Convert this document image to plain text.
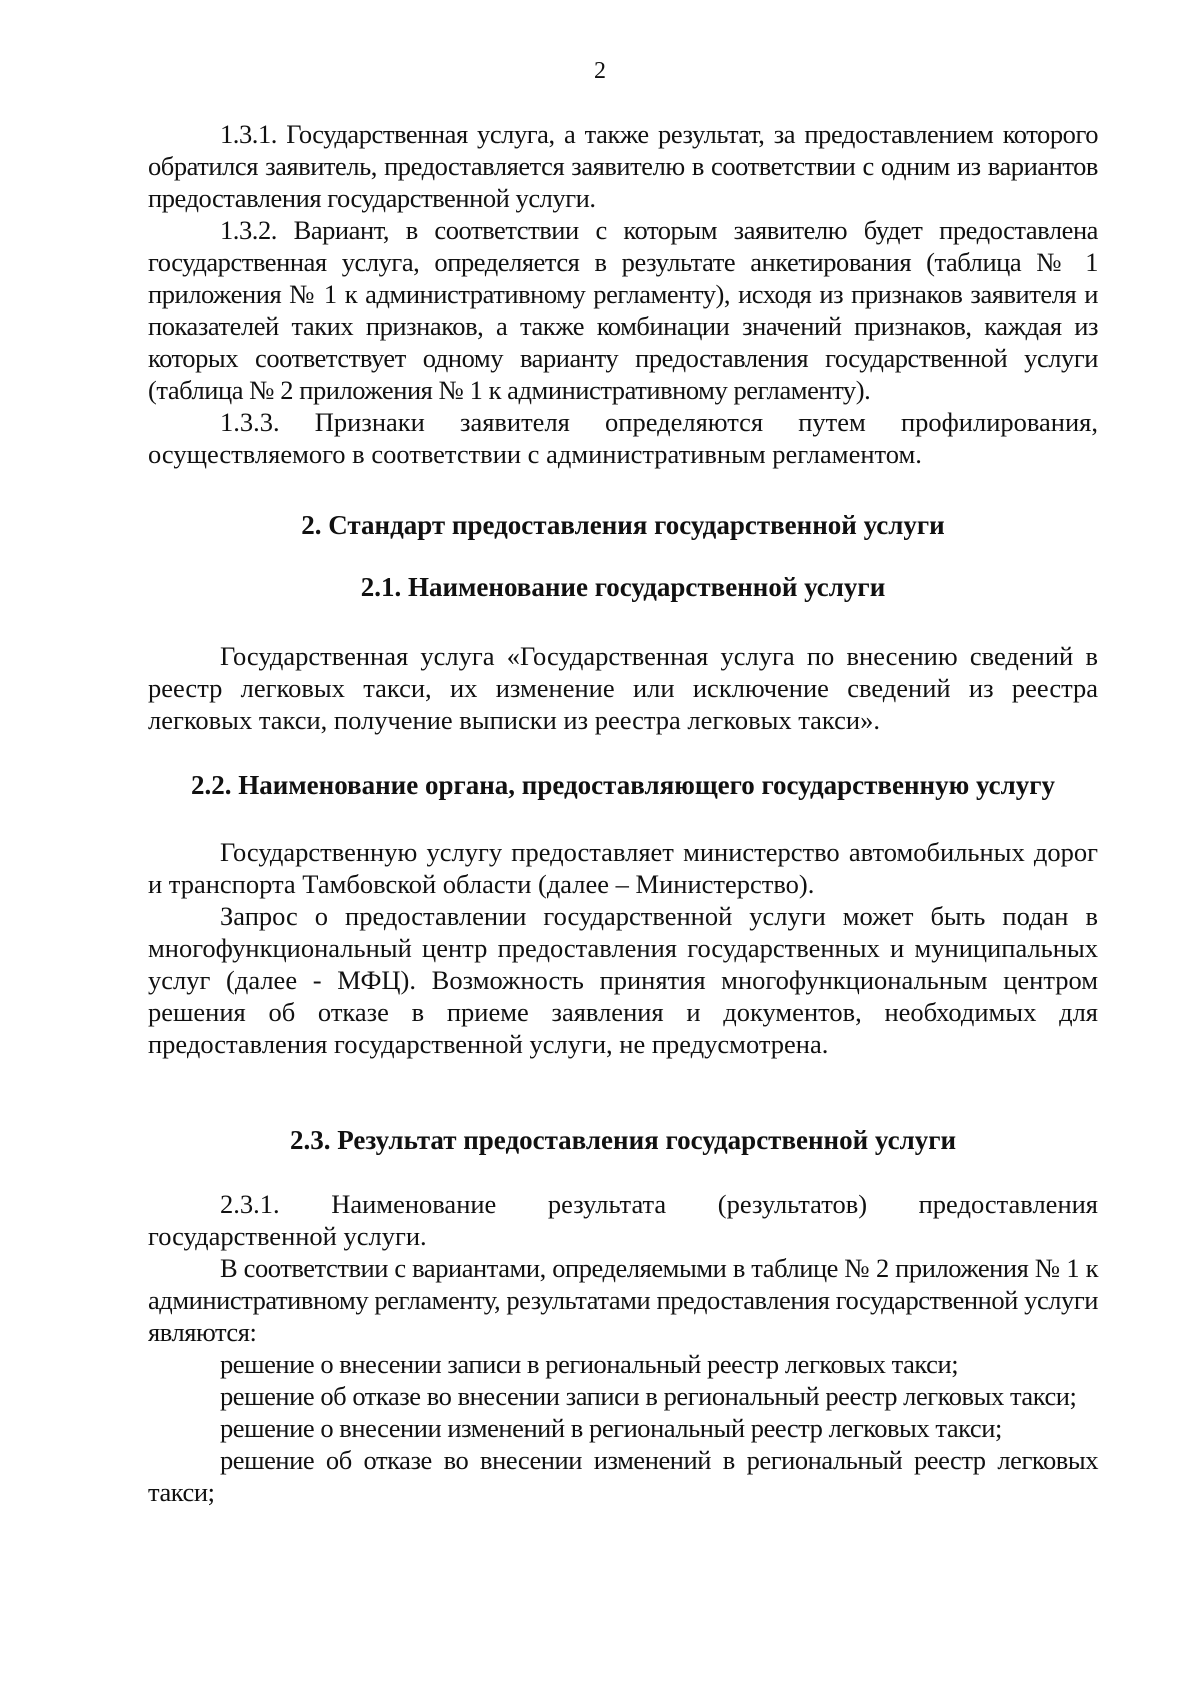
2

1.3.1. Государственная услуга, а также результат, за предоставлением которого обратился заявитель, предоставляется заявителю в соответствии с одним из вариантов предоставления государственной услуги.

1.3.2. Вариант, в соответствии с которым заявителю будет предоставлена государственная услуга, определяется в результате анкетирования (таблица № 1 приложения № 1 к административному регламенту), исходя из признаков заявителя и показателей таких признаков, а также комбинации значений признаков, каждая из которых соответствует одному варианту предоставления государственной услуги (таблица № 2 приложения № 1 к административному регламенту).

1.3.3. Признаки заявителя определяются путем профилирования, осуществляемого в соответствии с административным регламентом.

2. Стандарт предоставления государственной услуги
2.1. Наименование государственной услуги

Государственная услуга «Государственная услуга по внесению сведений в реестр легковых такси, их изменение или исключение сведений из реестра легковых такси, получение выписки из реестра легковых такси».

2.2. Наименование органа, предоставляющего государственную услугу

Государственную услугу предоставляет министерство автомобильных дорог и транспорта Тамбовской области (далее – Министерство).

Запрос о предоставлении государственной услуги может быть подан в многофункциональный центр предоставления государственных и муниципальных услуг (далее - МФЦ). Возможность принятия многофункциональным центром решения об отказе в приеме заявления и документов, необходимых для предоставления государственной услуги, не предусмотрена.

2.3. Результат предоставления государственной услуги

2.3.1. Наименование результата (результатов) предоставления государственной услуги.

В соответствии с вариантами, определяемыми в таблице № 2 приложения № 1 к административному регламенту, результатами предоставления государственной услуги являются:

решение о внесении записи в региональный реестр легковых такси;

решение об отказе во внесении записи в региональный реестр легковых такси;

решение о внесении изменений в региональный реестр легковых такси;

решение об отказе во внесении изменений в региональный реестр легковых такси;
